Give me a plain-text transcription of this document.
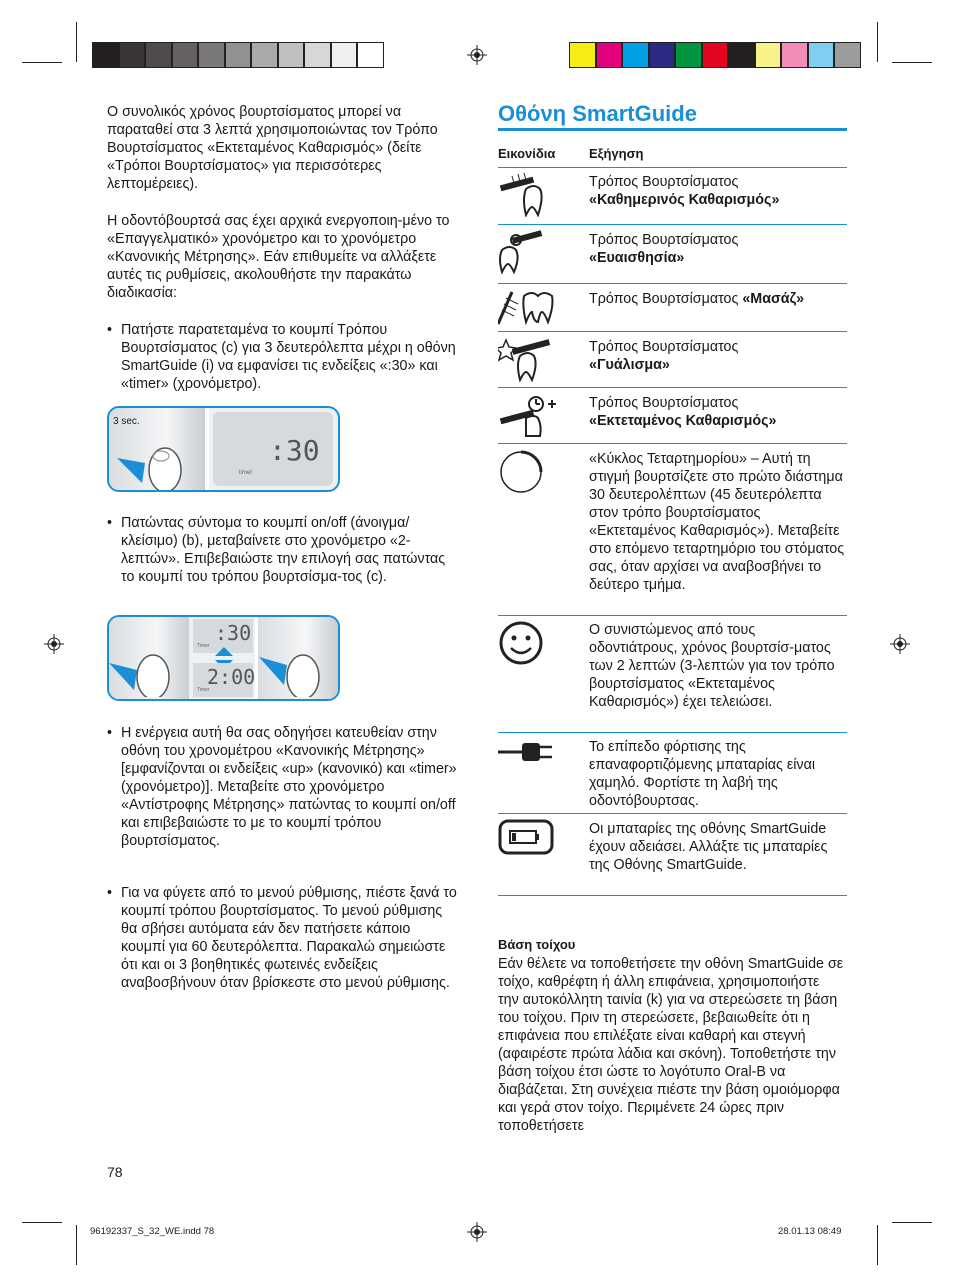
Ο συνολικός χρόνος βουρτσίσματος μπορεί να παραταθεί στα 3 λεπτά χρησιμοποιώντας τον Τρόπο Βουρτσίσματος «Εκτεταμένος Καθαρισμός» (δείτε «Τρόποι Βουρτσίσματος» για περισσότερες λεπτομέρειες).
Η οδοντόβουρτσά σας έχει αρχικά ενεργοποιη-μένο το «Επαγγελματικό» χρονόμετρο και το χρονόμετρο «Κανονικής Μέτρησης». Εάν επιθυμείτε να αλλάξετε αυτές τις ρυθμίσεις, ακολουθήστε την παρακάτω διαδικασία:
• Πατήστε παρατεταμένα το κουμπί Τρόπου Βουρτσίσματος (c) για 3 δευτερόλεπτα μέχρι η οθόνη SmartGuide (i) να εμφανίσει τις ενδείξεις «:30» και «timer» (χρονόμετρο).
3 sec.
:30
timer
• Πατώντας σύντομα το κουμπί on/off (άνοιγμα/ κλείσιμο) (b), μεταβαίνετε στο χρονόμετρο «2-λεπτών». Επιβεβαιώστε την επιλογή σας πατώντας το κουμπί του τρόπου βουρτσίσμα-τος (c).
:30
Timer
2:00
Timer
• Η ενέργεια αυτή θα σας οδηγήσει κατευθείαν στην οθόνη του χρονομέτρου «Κανονικής Μέτρησης» [εμφανίζονται οι ενδείξεις «up» (κανονικό) και «timer» (χρονόμετρο)]. Μεταβείτε στο χρονόμετρο «Αντίστροφης Μέτρησης» πατώντας το κουμπί on/off και επιβεβαιώστε το με το κουμπί τρόπου βουρτσίσματος.
• Για να φύγετε από το μενού ρύθμισης, πιέστε ξανά το κουμπί τρόπου βουρτσίσματος. Το μενού ρύθμισης θα σβήσει αυτόματα εάν δεν πατήσετε κάποιο κουμπί για 60 δευτερόλεπτα. Παρακαλώ σημειώστε ότι και οι 3 βοηθητικές φωτεινές ενδείξεις αναβοσβήνουν όταν βρίσκεστε στο μενού ρύθμισης.
Οθόνη SmartGuide
Εικονίδια	Εξήγηση
Τρόπος Βουρτσίσματος
«Καθημερινός Καθαρισμός»
Τρόπος Βουρτσίσματος
«Ευαισθησία»
Τρόπος Βουρτσίσματος «Μασάζ»
Τρόπος Βουρτσίσματος
«Γυάλισμα»
Τρόπος Βουρτσίσματος
«Εκτεταμένος Καθαρισμός»
«Κύκλος Τεταρτημορίου» – Αυτή τη στιγμή βουρτσίζετε στο πρώτο διάστημα 30 δευτερολέπτων (45 δευτερόλεπτα στον τρόπο βουρτσίσματος «Εκτεταμένος Καθαρισμός»). Μεταβείτε στο επόμενο τεταρτημόριο του στόματος σας, όταν αρχίσει να αναβοσβήνει το δεύτερο τμήμα.
Ο συνιστώμενος από τους οδοντιάτρους, χρόνος βουρτσίσ-ματος των 2 λεπτών (3-λεπτών για τον τρόπο βουρτσίσματος «Εκτεταμένος Καθαρισμός») έχει τελειώσει.
Το επίπεδο φόρτισης της επαναφορτιζόμενης μπαταρίας είναι χαμηλό. Φορτίστε τη λαβή της οδοντόβουρτσας.
Οι μπαταρίες της οθόνης SmartGuide έχουν αδειάσει. Αλλάξτε τις μπαταρίες της Οθόνης SmartGuide.
Βάση τοίχου
Εάν θέλετε να τοποθετήσετε την οθόνη SmartGuide σε τοίχο, καθρέφτη ή άλλη επιφάνεια, χρησιμοποιήστε την αυτοκόλλητη ταινία (k) για να στερεώσετε τη βάση του τοίχου. Πριν τη στερεώσετε, βεβαιωθείτε ότι η επιφάνεια που επιλέξατε είναι καθαρή και στεγνή (αφαιρέστε πρώτα λάδια και σκόνη). Τοποθετήστε την βάση τοίχου έτσι ώστε το λογότυπο Oral-B να διαβάζεται. Στη συνέχεια πιέστε την βάση ομοιόμορφα και γερά στον τοίχο. Περιμένετε 24 ώρες πριν τοποθετήσετε
78
96192337_S_32_WE.indd 78	28.01.13 08:49
